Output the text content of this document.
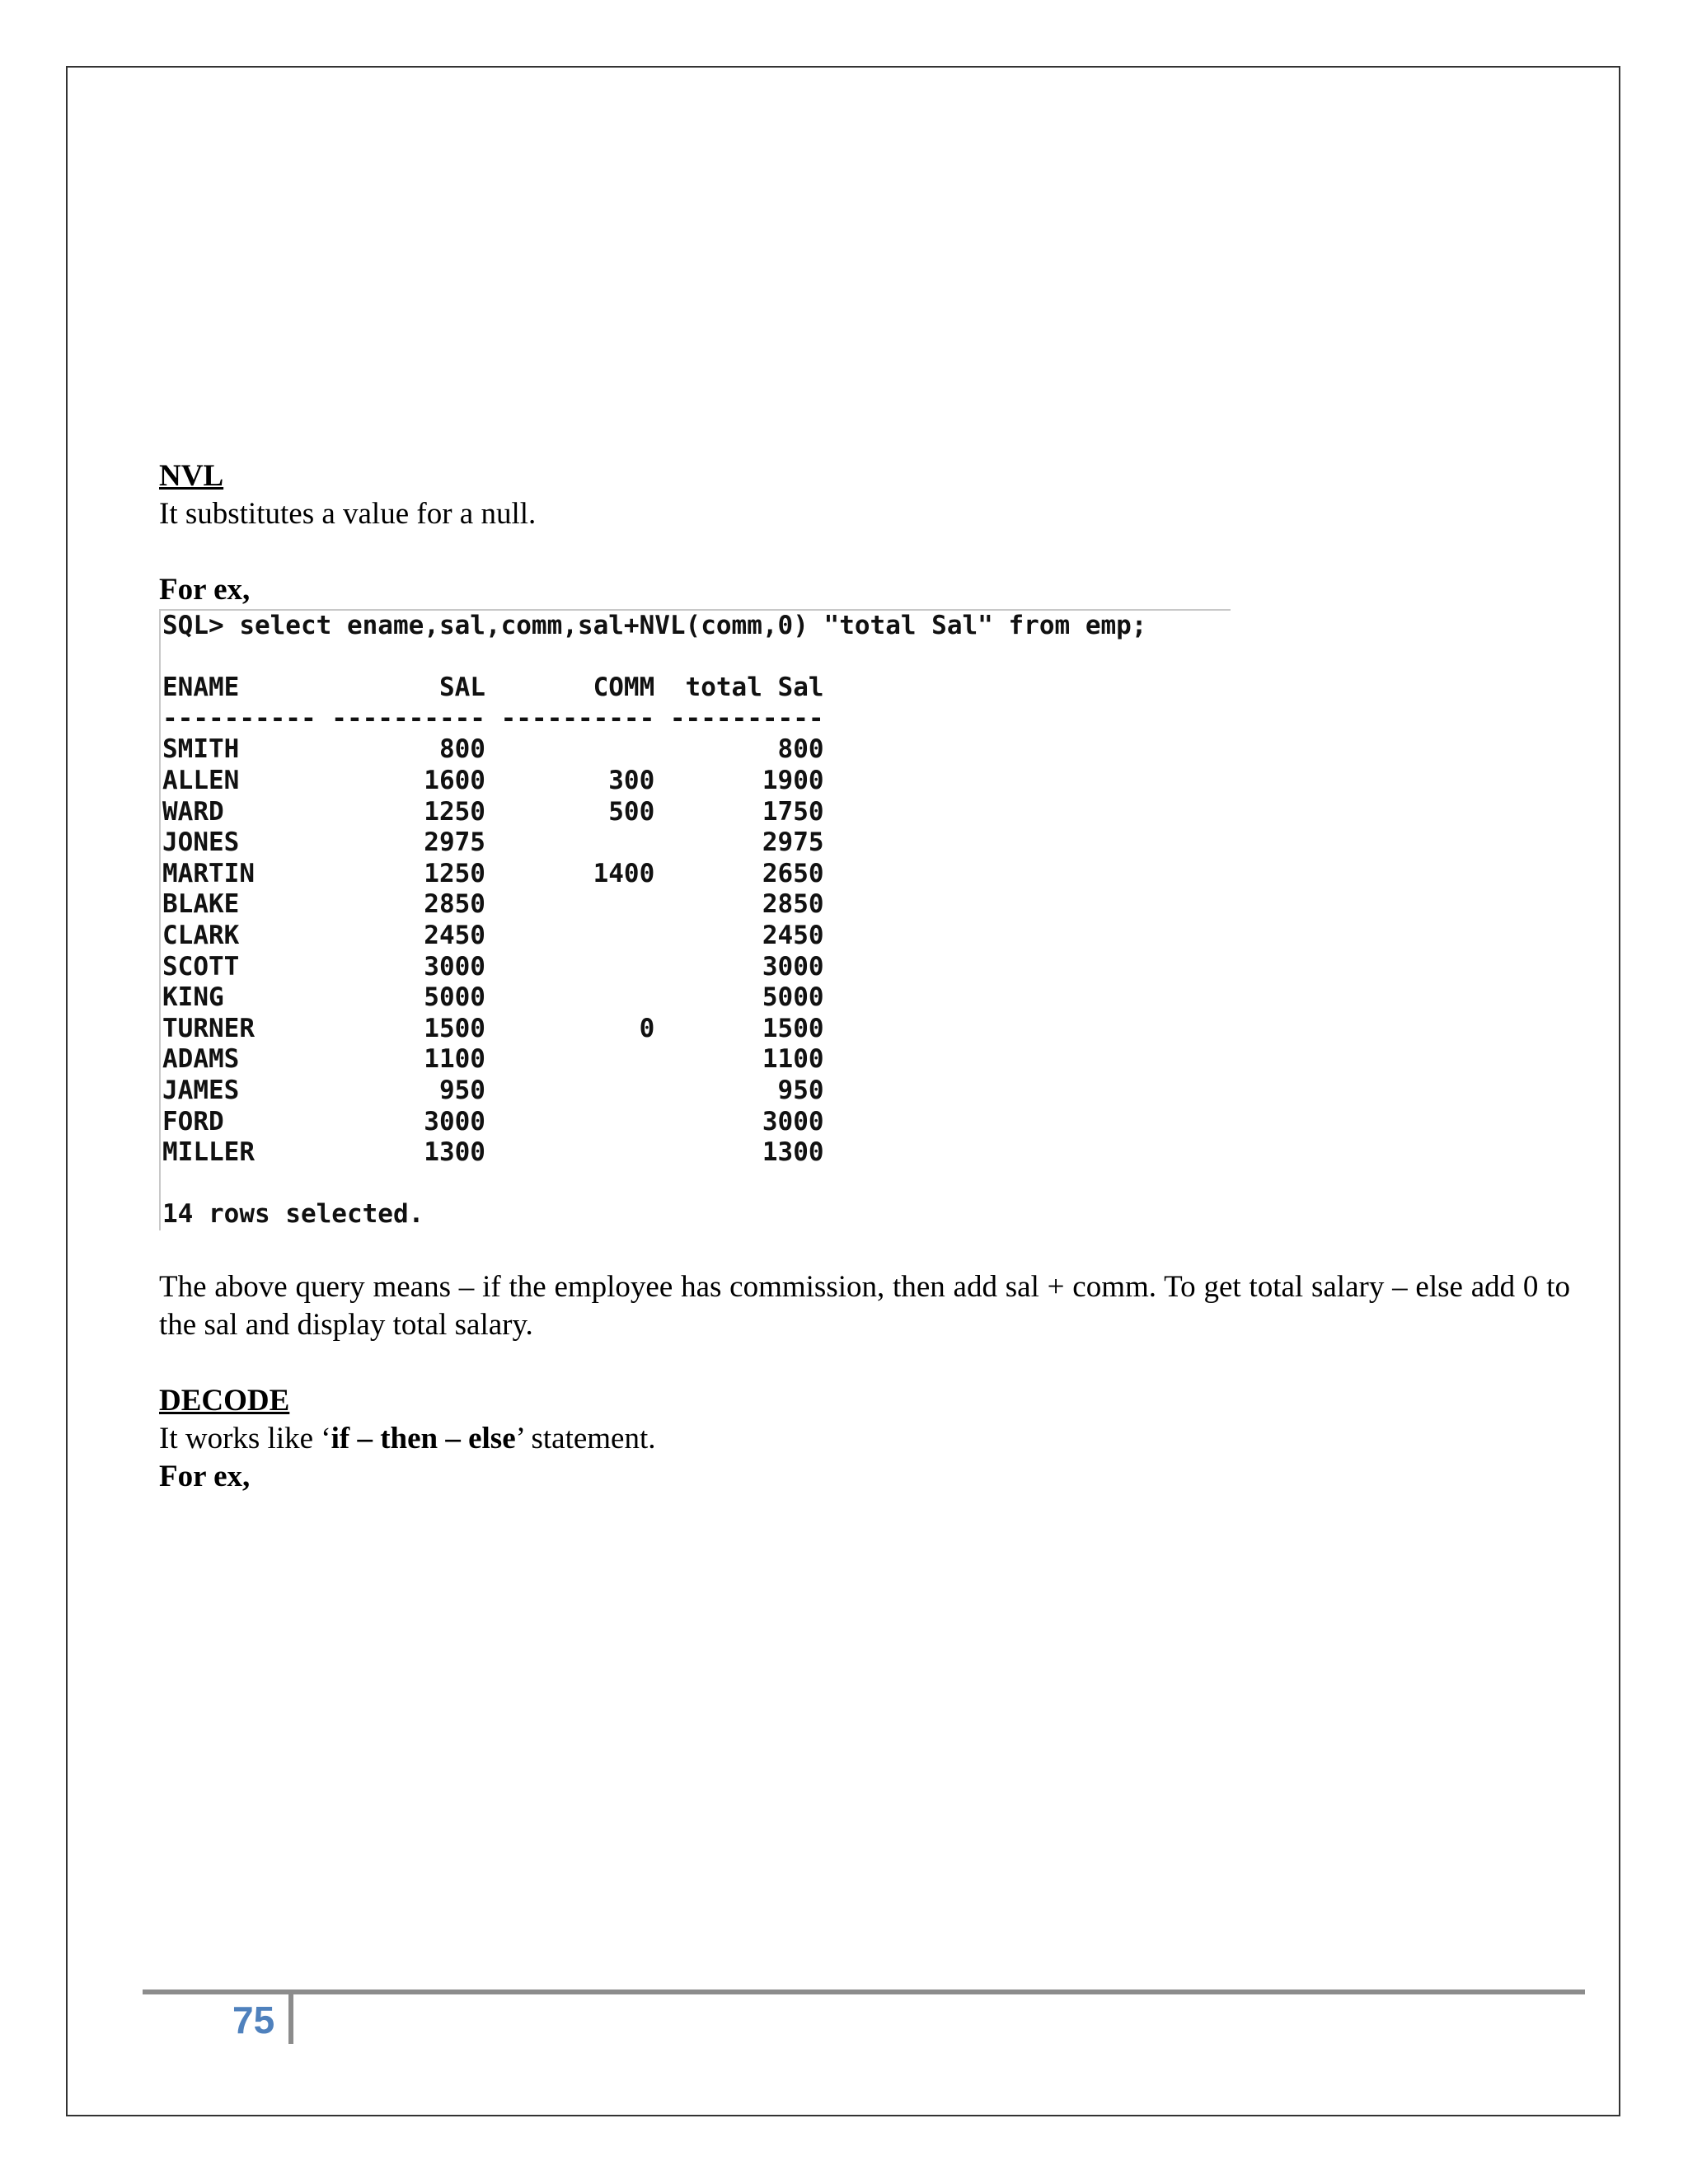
NVL

It substitutes a value for a null.

For ex,

SQL> select ename,sal,comm,sal+NVL(comm,0) "total Sal" from emp;

ENAME             SAL       COMM  total Sal
---------- ---------- ---------- ----------
SMITH             800                   800
ALLEN            1600        300       1900
WARD             1250        500       1750
JONES            2975                  2975
MARTIN           1250       1400       2650
BLAKE            2850                  2850
CLARK            2450                  2450
SCOTT            3000                  3000
KING             5000                  5000
TURNER           1500          0       1500
ADAMS            1100                  1100
JAMES             950                   950
FORD             3000                  3000
MILLER           1300                  1300

14 rows selected.

The above query means – if the employee has commission, then add sal + comm. To get total salary – else add 0 to the sal and display total salary.

DECODE

It works like ‘if – then – else’ statement.

For ex,

75
